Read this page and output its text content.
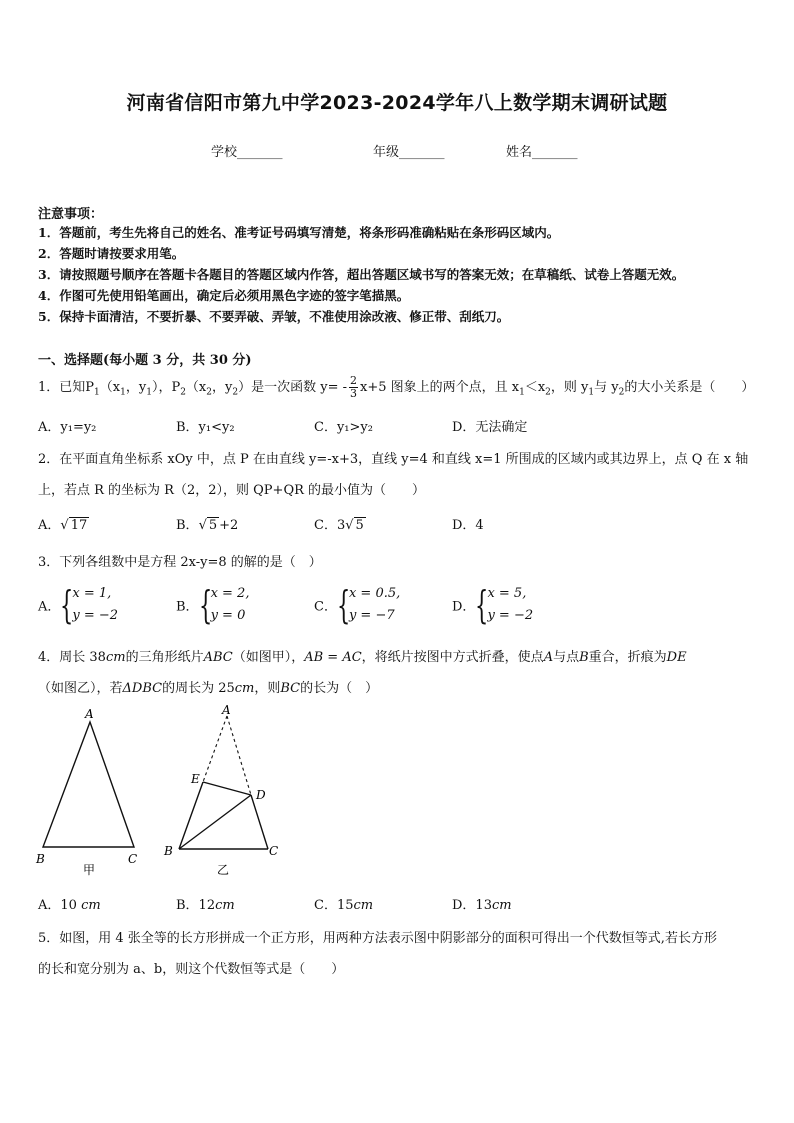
河南省信阳市第九中学2023-2024学年八上数学期末调研试题
学校_______	年级_______	姓名_______
注意事项：
1．答题前，考生先将自己的姓名、准考证号码填写清楚，将条形码准确粘贴在条形码区域内。
2．答题时请按要求用笔。
3．请按照题号顺序在答题卡各题目的答题区域内作答，超出答题区域书写的答案无效；在草稿纸、试卷上答题无效。
4．作图可先使用铅笔画出，确定后必须用黑色字迹的签字笔描黑。
5．保持卡面清洁，不要折暴、不要弄破、弄皱，不准使用涂改液、修正带、刮纸刀。
一、选择题(每小题 3 分，共 30 分)
1．已知$P_1(x_1$，$y_1$），$P_2(x_2$，$y_2$）是一次函数 $y= - \frac{2}{3} x+5$ 图象上的两个点，且 $x_1<x_2$，则 $y_1$与 $y_2$的大小关系是（　　）
A．y₁=y₂	B．y₁<y₂	C．y₁>y₂	D．无法确定
2．在平面直角坐标系 xOy 中，点 P 在由直线 y=-x+3，直线 y=4 和直线 x=1 所围成的区域内或其边界上，点 Q 在 x 轴
上，若点 R 的坐标为 R（2，2），则 QP+QR 的最小值为（　　）
A．√ 17	B．√ 5 +2	C．3√ 5	D．4
3．下列各组数中是方程 2x-y=8 的解的是（　）
A． {
x = 1,
y = −2
B． {
x = 2,
y = 0
C． {
x = 0.5,
y = −7
D． {
x = 5,
y = −2
4．周长 38cm的三角形纸片ABC（如图甲），AB = AC，将纸片按图中方式折叠，使点A与点B重合，折痕为DE
（如图乙），若ΔDBC的周长为 25cm，则BC的长为（　）
A
B	C
甲
A
E
D
B	C
乙
A．10 cm	B．12cm	C．15cm	D．13cm
5．如图，用 4 张全等的长方形拼成一个正方形，用两种方法表示图中阴影部分的面积可得出一个代数恒等式,若长方形
的长和宽分别为 a、b，则这个代数恒等式是（　　）
